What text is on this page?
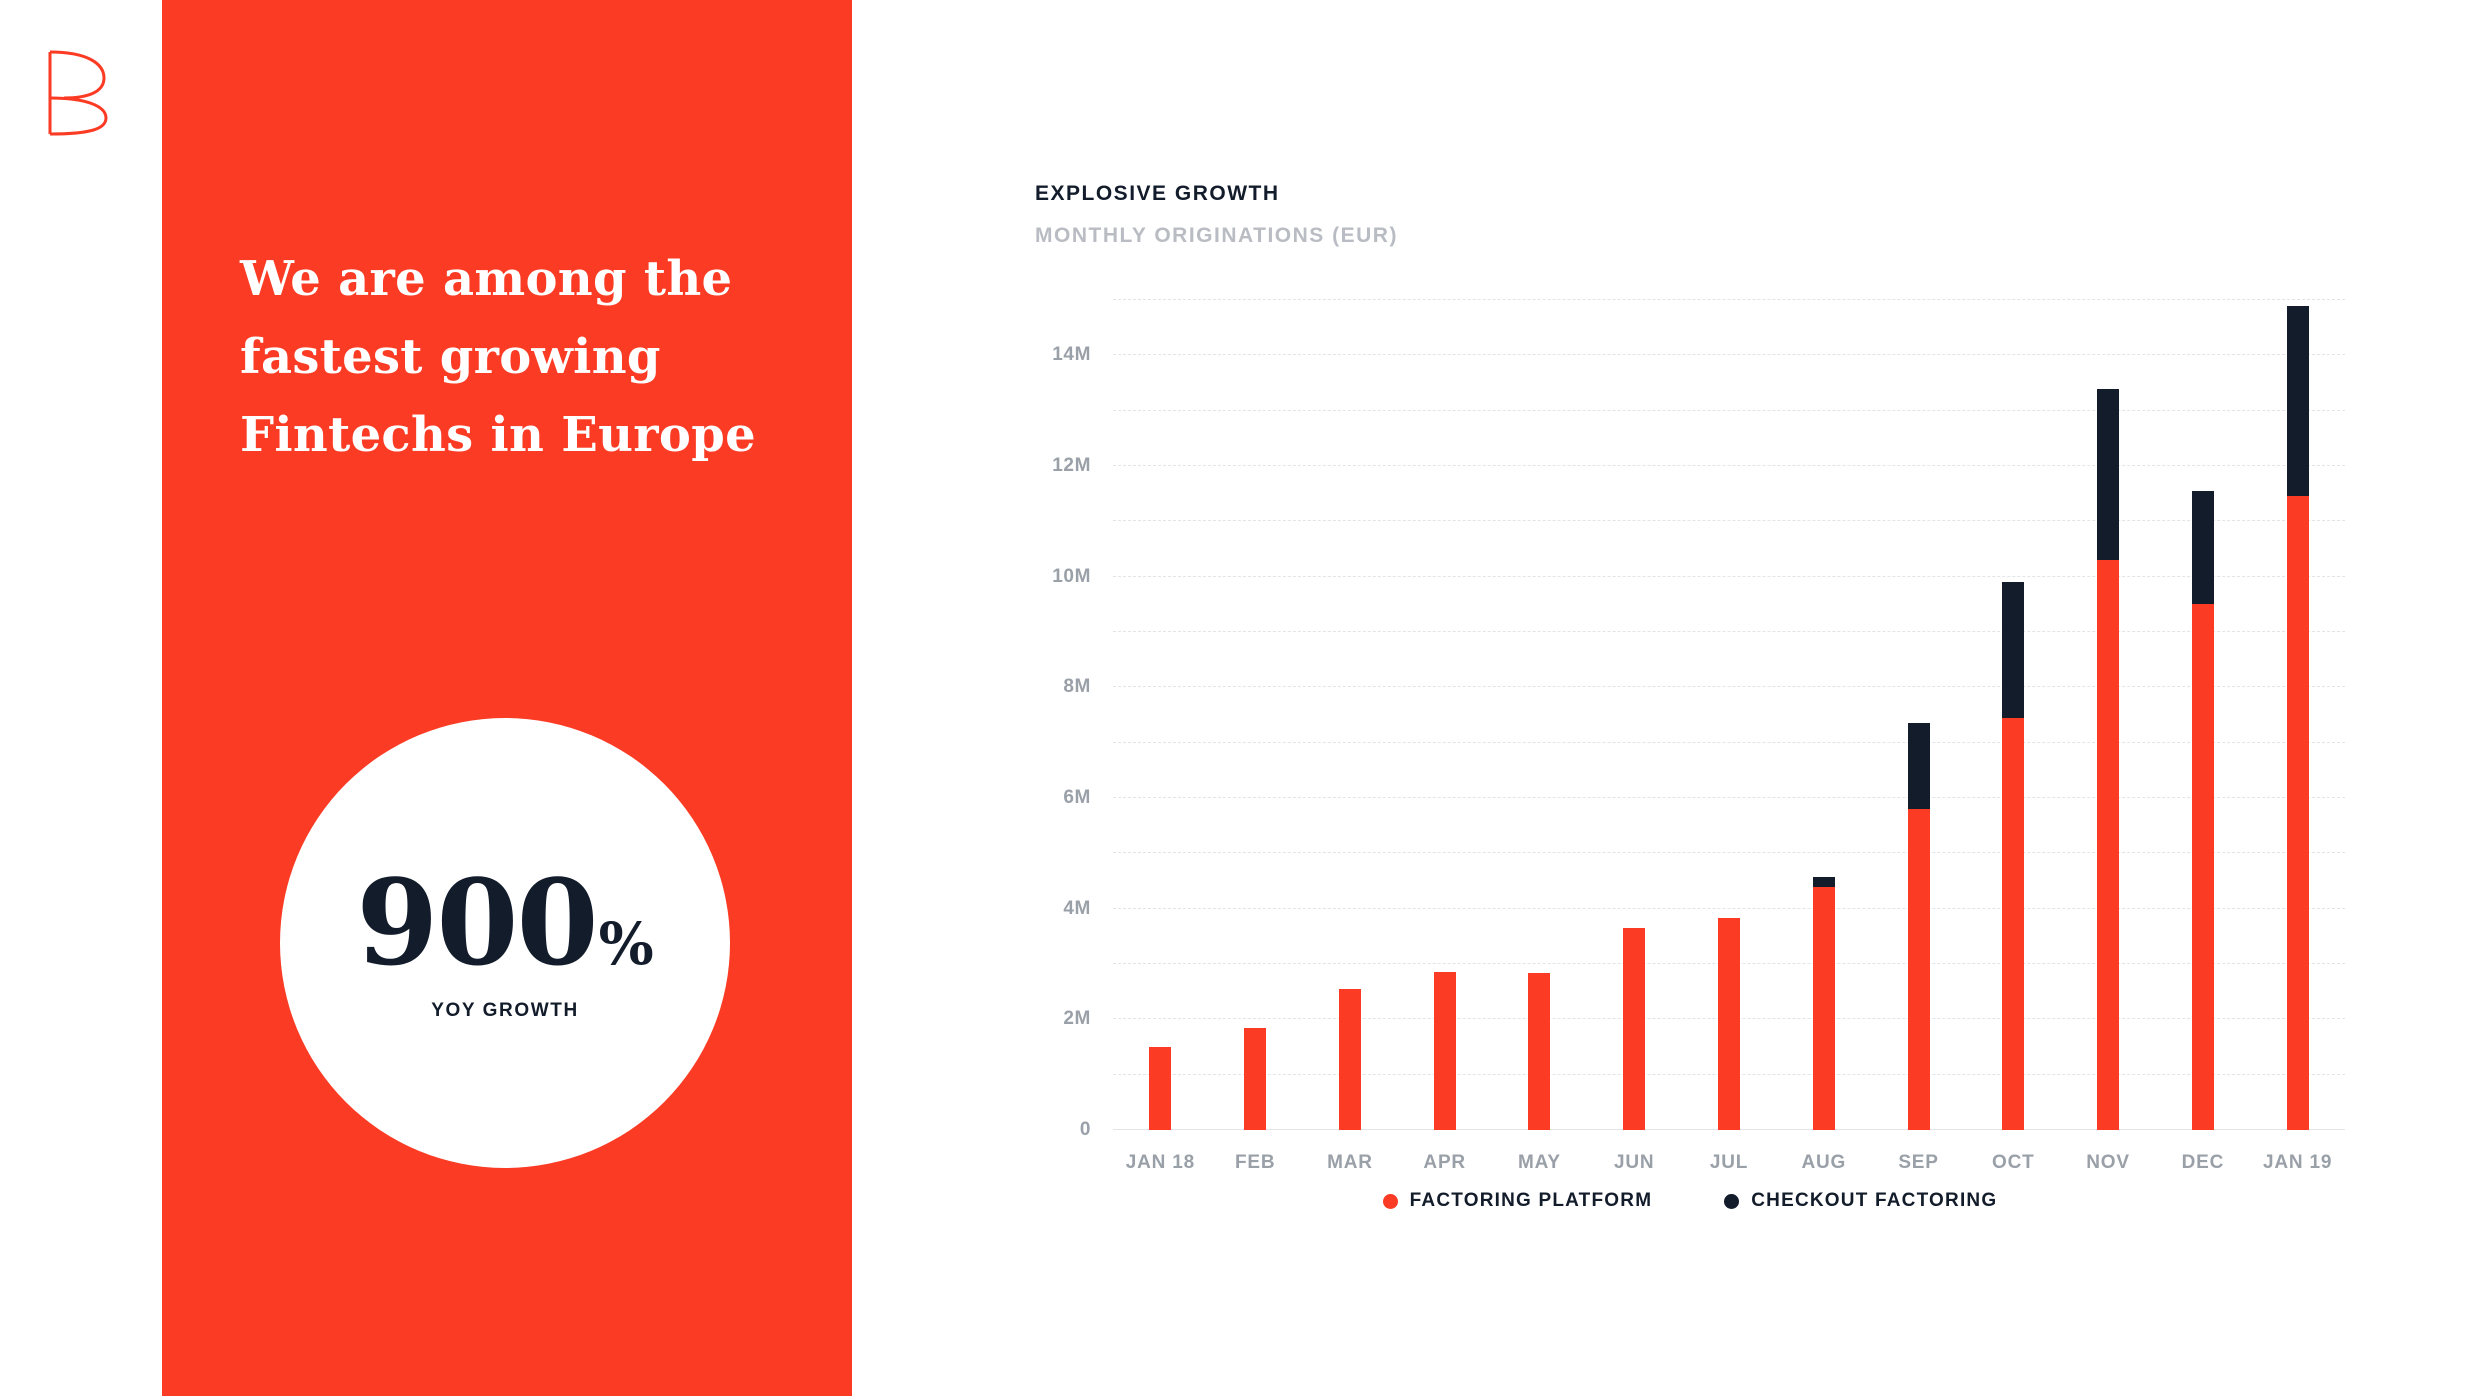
We are among the fastest growing Fintechs in Europe
900 %
YOY GROWTH
EXPLOSIVE GROWTH
MONTHLY ORIGINATIONS (EUR)
0
2M
4M
6M
8M
10M
12M
14M
JAN 18 FEB	MAR	APR	MAY	JUN	JUL	AUG	SEP	OCT	NOV	DEC JAN 19
FACTORING PLATFORM	CHECKOUT FACTORING
